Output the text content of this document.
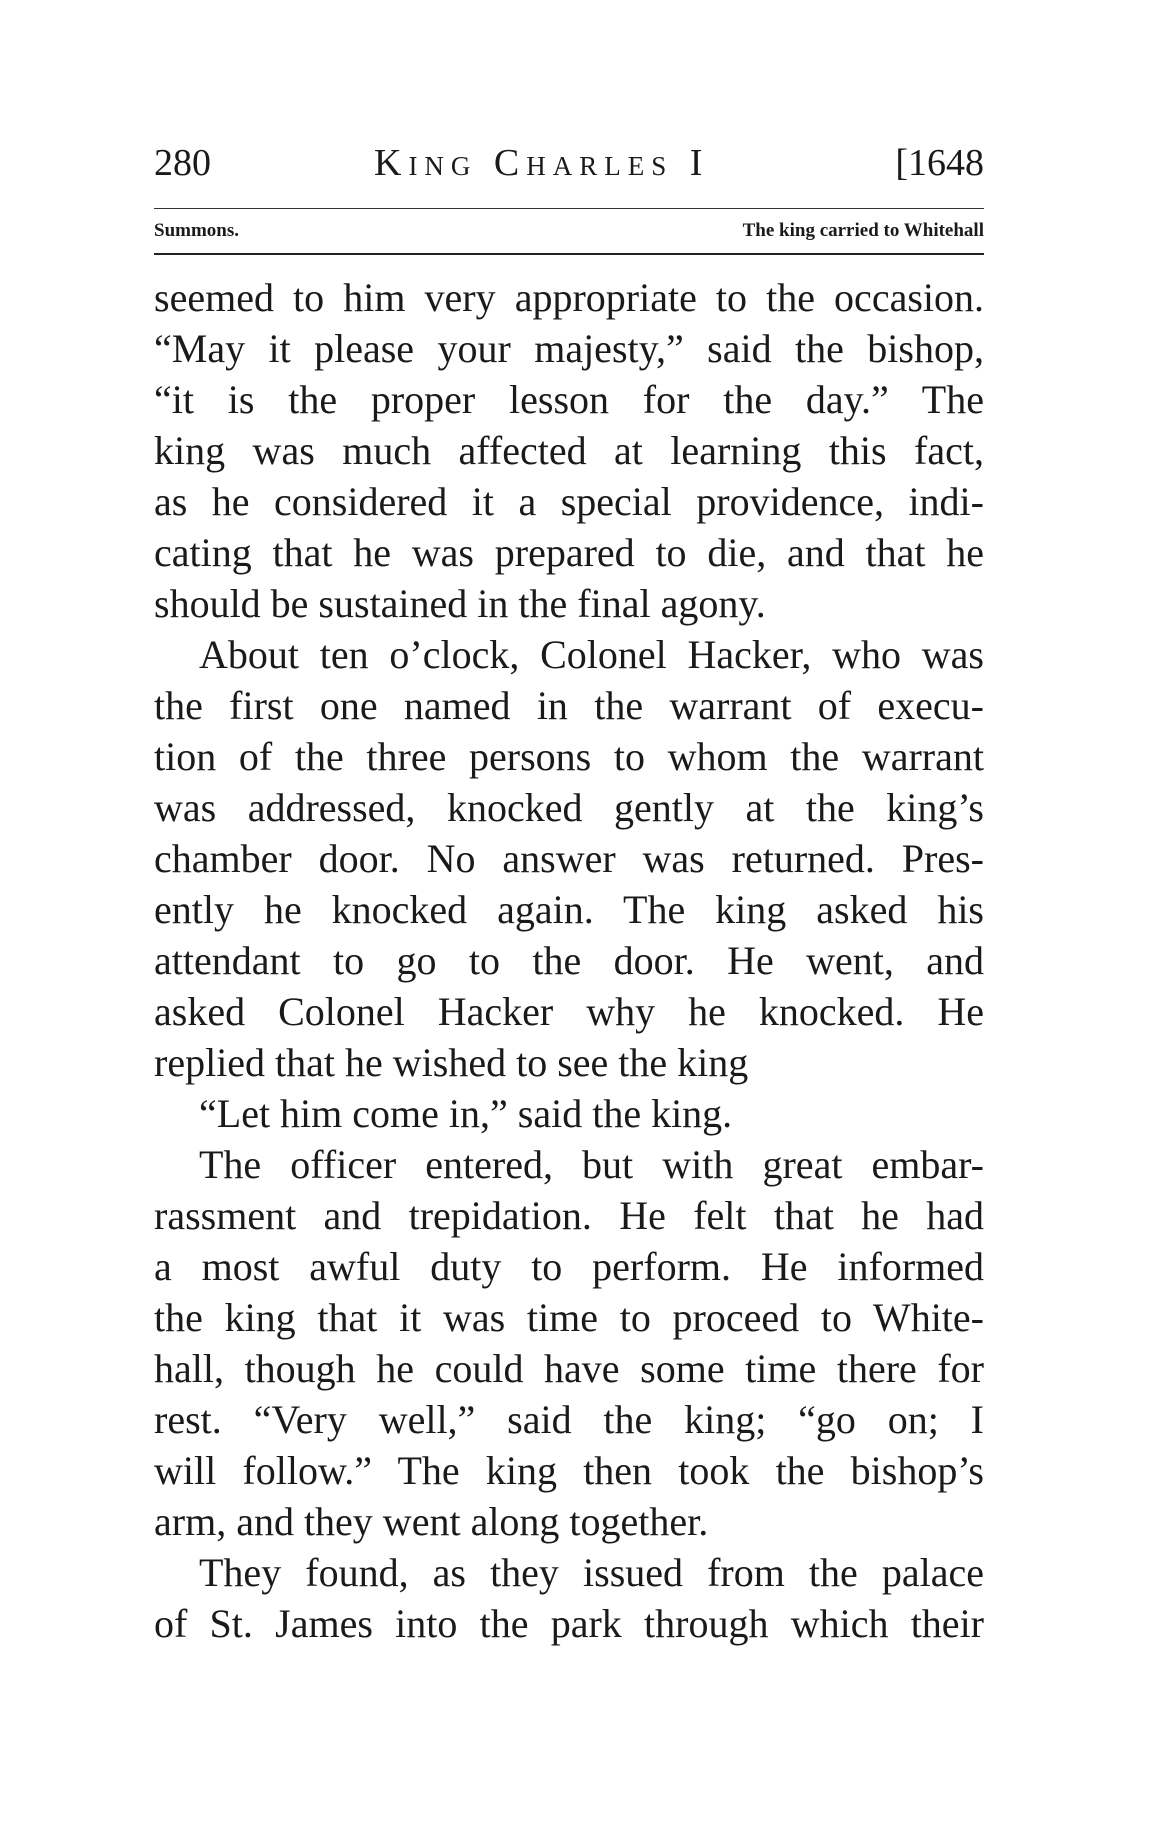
280	King Charles I	[1648
Summons.	The king carried to Whitehall
seemed to him very appropriate to the occasion.
“May it please your majesty,” said the bishop,
“it is the proper lesson for the day.” The
king was much affected at learning this fact,
as he considered it a special providence, indi-
cating that he was prepared to die, and that he
should be sustained in the final agony.
About ten o’clock, Colonel Hacker, who was
the first one named in the warrant of execu-
tion of the three persons to whom the warrant
was addressed, knocked gently at the king’s
chamber door. No answer was returned. Pres-
ently he knocked again. The king asked his
attendant to go to the door. He went, and
asked Colonel Hacker why he knocked. He
replied that he wished to see the king
“Let him come in,” said the king.
The officer entered, but with great embar-
rassment and trepidation. He felt that he had
a most awful duty to perform. He informed
the king that it was time to proceed to White-
hall, though he could have some time there for
rest. “Very well,” said the king; “go on; I
will follow.” The king then took the bishop’s
arm, and they went along together.
They found, as they issued from the palace
of St. James into the park through which their
